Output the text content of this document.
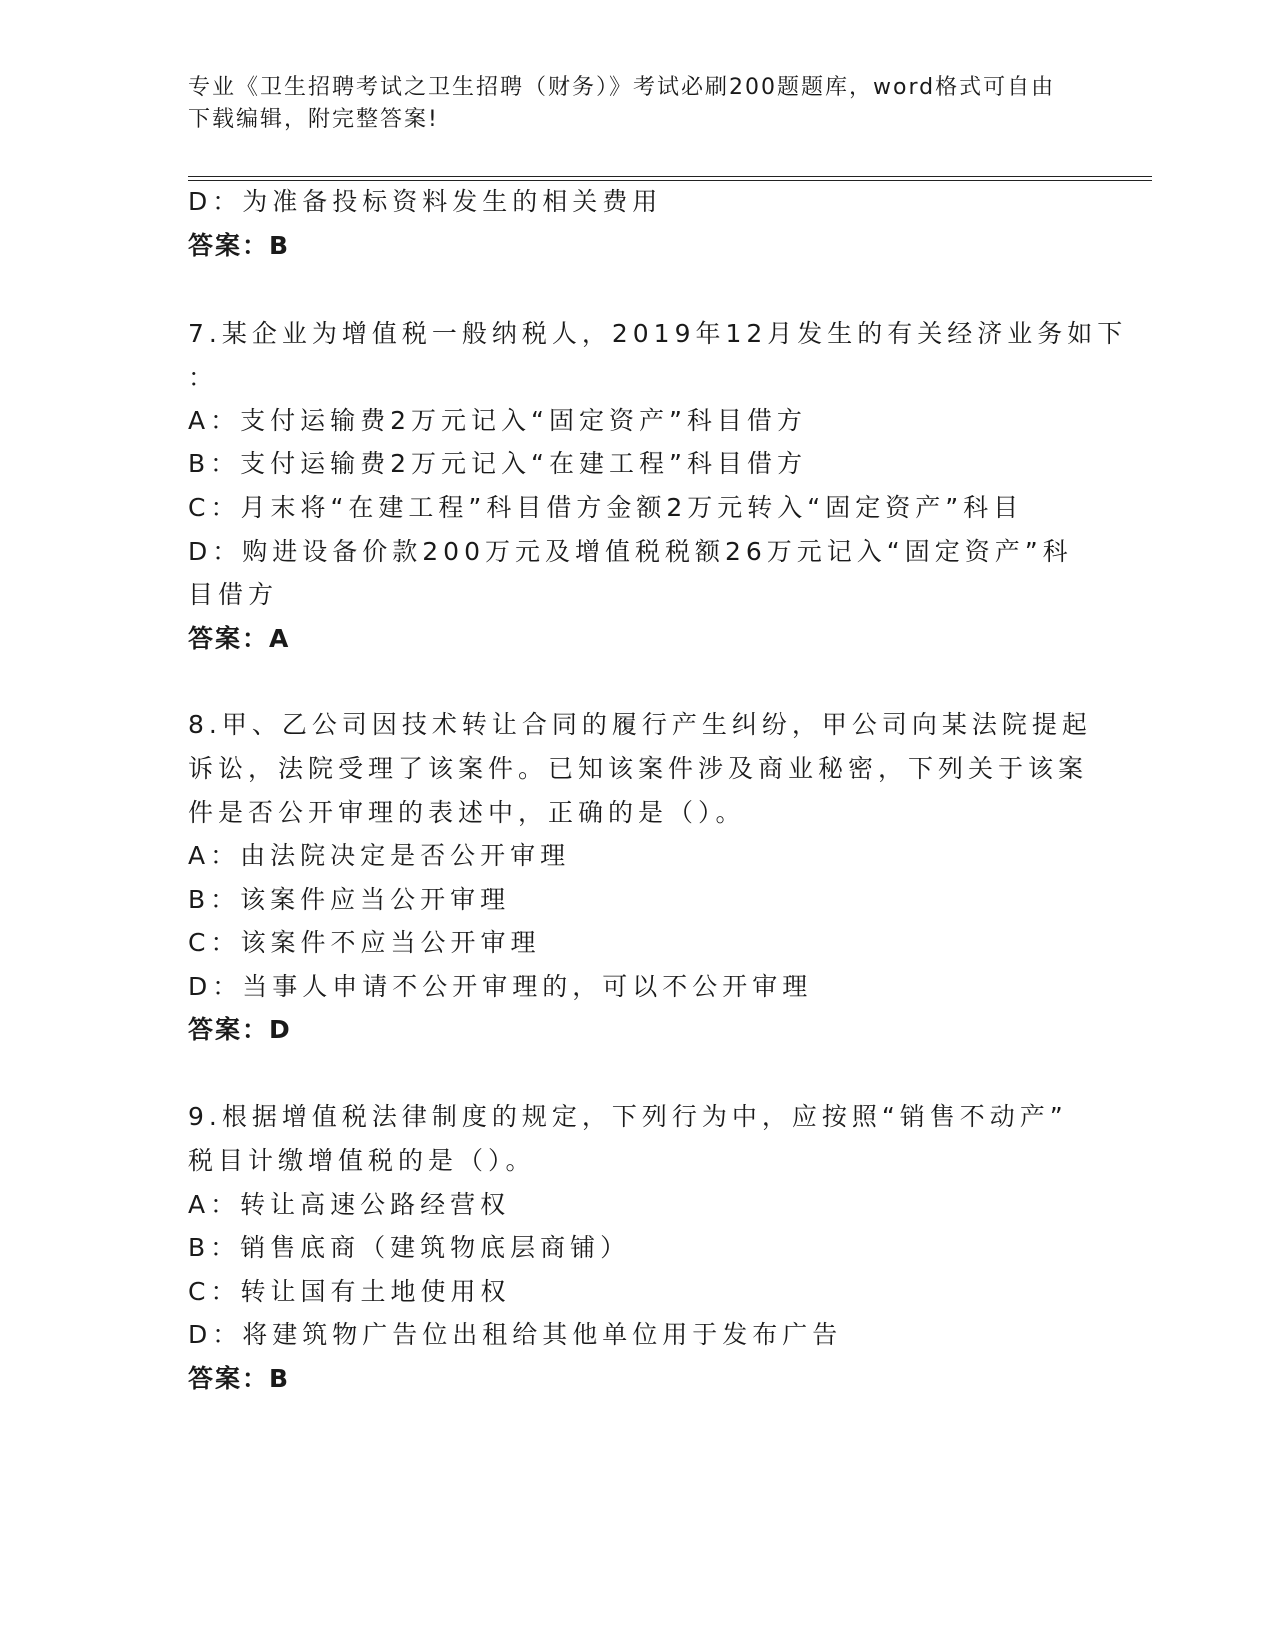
专业《卫生招聘考试之卫生招聘（财务）》考试必刷200题题库，word格式可自由下载编辑，附完整答案!
D：为准备投标资料发生的相关费用
答案：B
7.某企业为增值税一般纳税人，2019年12月发生的有关经济业务如下
：
A：支付运输费2万元记入“固定资产”科目借方
B：支付运输费2万元记入“在建工程”科目借方
C：月末将“在建工程”科目借方金额2万元转入“固定资产”科目
D：购进设备价款200万元及增值税税额26万元记入“固定资产”科
目借方
答案：A
8.甲、乙公司因技术转让合同的履行产生纠纷，甲公司向某法院提起
诉讼，法院受理了该案件。已知该案件涉及商业秘密，下列关于该案
件是否公开审理的表述中，正确的是（）。
A：由法院决定是否公开审理
B：该案件应当公开审理
C：该案件不应当公开审理
D：当事人申请不公开审理的，可以不公开审理
答案：D
9.根据增值税法律制度的规定，下列行为中，应按照“销售不动产”
税目计缴增值税的是（）。
A：转让高速公路经营权
B：销售底商（建筑物底层商铺）
C：转让国有土地使用权
D：将建筑物广告位出租给其他单位用于发布广告
答案：B
